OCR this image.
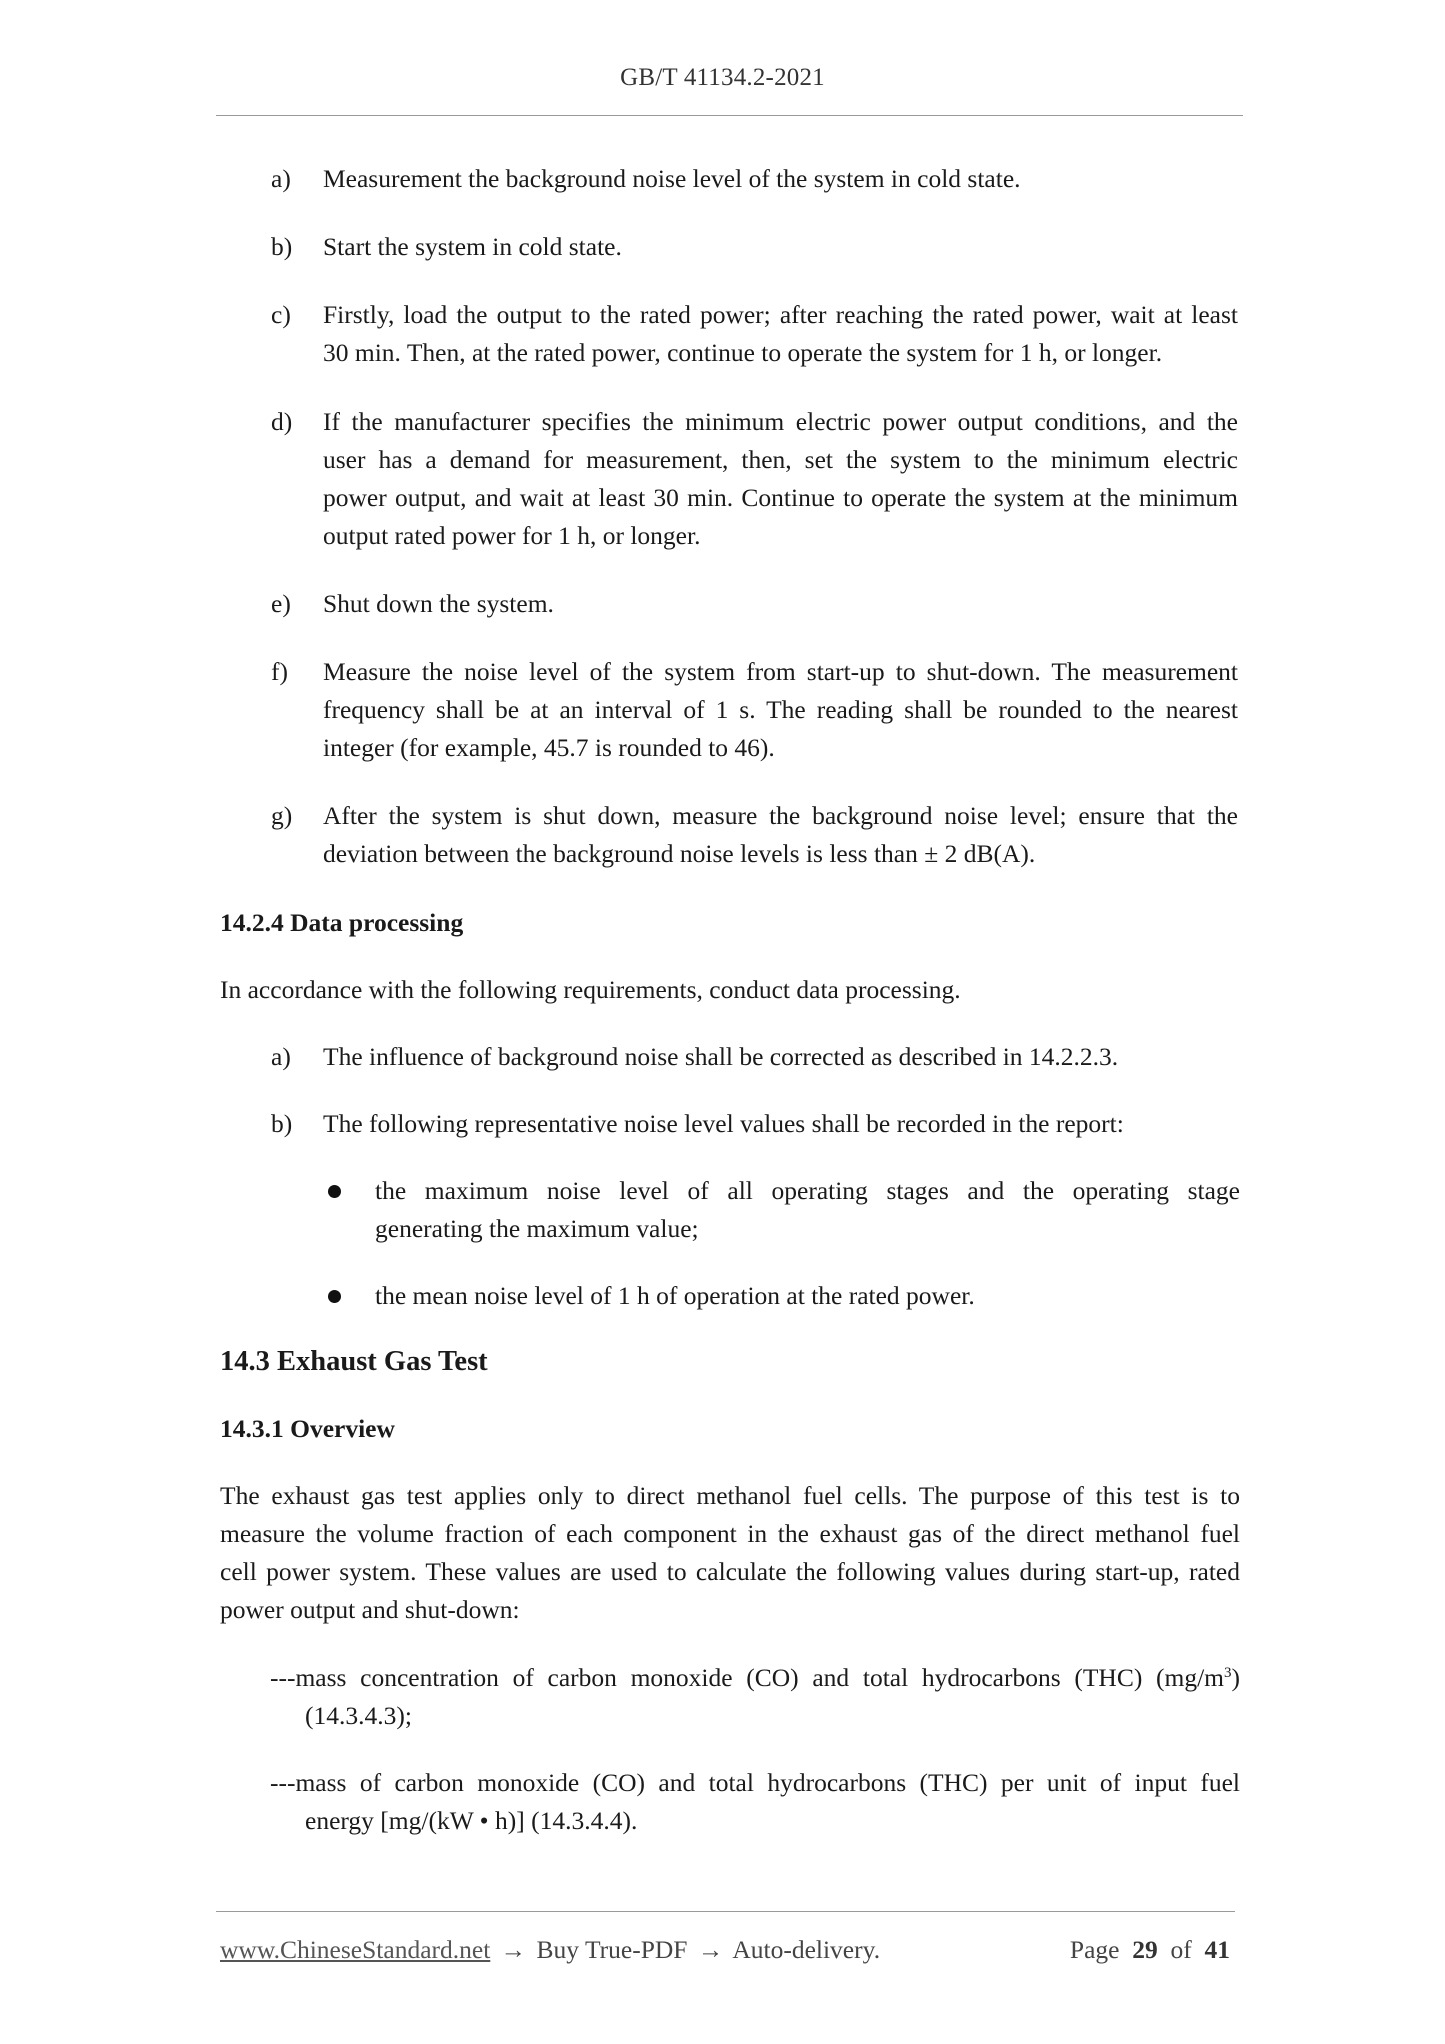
GB/T 41134.2-2021
a)	Measurement the background noise level of the system in cold state.
b)	Start the system in cold state.
c)	Firstly, load the output to the rated power; after reaching the rated power, wait at least
30 min. Then, at the rated power, continue to operate the system for 1 h, or longer.
d)	If the manufacturer specifies the minimum electric power output conditions, and the
user has a demand for measurement, then, set the system to the minimum electric
power output, and wait at least 30 min. Continue to operate the system at the minimum
output rated power for 1 h, or longer.
e)	Shut down the system.
f)	Measure the noise level of the system from start-up to shut-down. The measurement
frequency shall be at an interval of 1 s. The reading shall be rounded to the nearest
integer (for example, 45.7 is rounded to 46).
g)	After the system is shut down, measure the background noise level; ensure that the
deviation between the background noise levels is less than ± 2 dB(A).
14.2.4 Data processing
In accordance with the following requirements, conduct data processing.
a)	The influence of background noise shall be corrected as described in 14.2.2.3.
b)	The following representative noise level values shall be recorded in the report:
the maximum noise level of all operating stages and the operating stage
generating the maximum value;
the mean noise level of 1 h of operation at the rated power.
14.3 Exhaust Gas Test
14.3.1 Overview
The exhaust gas test applies only to direct methanol fuel cells. The purpose of this test is to
measure the volume fraction of each component in the exhaust gas of the direct methanol fuel
cell power system. These values are used to calculate the following values during start-up, rated
power output and shut-down:
---mass concentration of carbon monoxide (CO) and total hydrocarbons (THC) $(mg/m^3)$
(14.3.4.3);
---mass of carbon monoxide (CO) and total hydrocarbons (THC) per unit of input fuel
energy [mg/(kW • h)] (14.3.4.4).
www.ChineseStandard.net → Buy True-PDF → Auto-delivery.	Page 29 of 41
